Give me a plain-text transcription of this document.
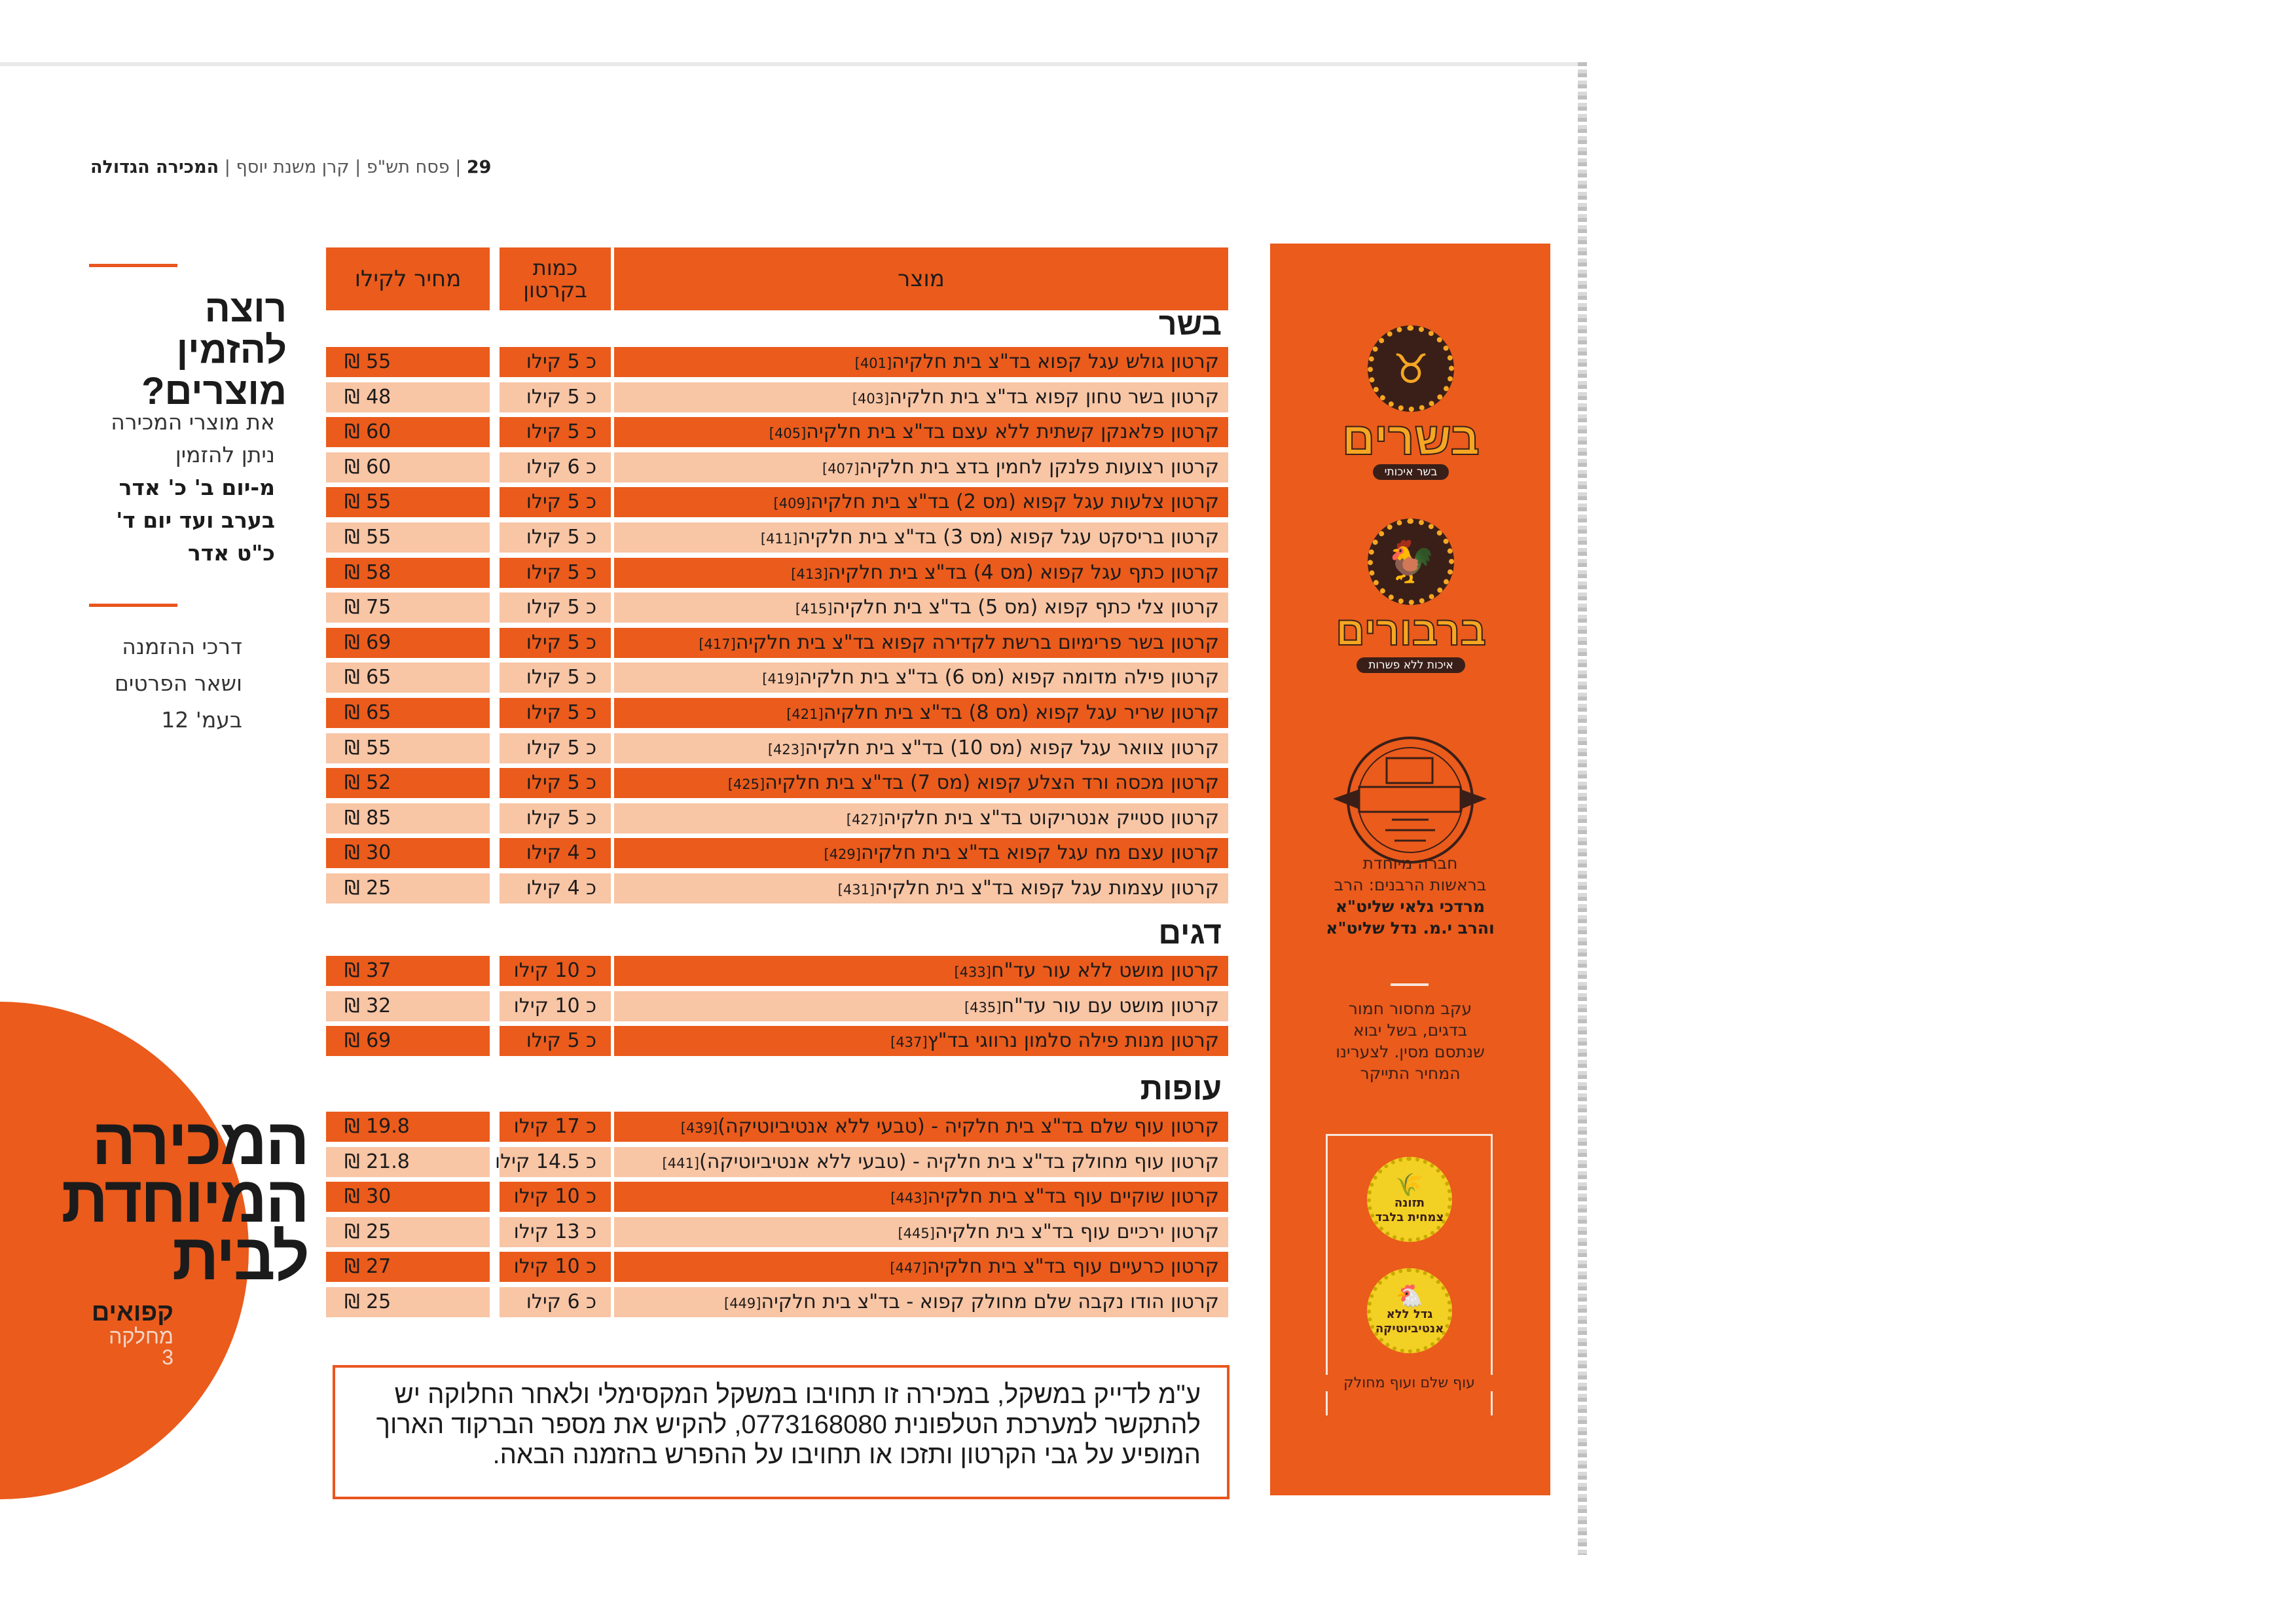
29 | פסח תש"פ | קרן משנת יוסף | המכירה הגדולה
רוצה
להזמין
מוצרים?
את מוצרי המכירה
ניתן להזמין
מ-יום ב' כ' אדר
בערב ועד יום ד'
כ"ט אדר
דרכי ההזמנה
ושאר הפרטים
בעמ' 12
המכירה
המיוחדת
לבית
קפואים
מחלקה
3
מחיר לקילו	כמות בקרטון	מוצר
בשר
55 ₪	כ 5 קילו	קרטון גולש עגל קפוא בד"צ בית חלקיה[401]
48 ₪	כ 5 קילו	קרטון בשר טחון קפוא בד"צ בית חלקיה[403]
60 ₪	כ 5 קילו	קרטון פלאנקן קשתית ללא עצם בד"צ בית חלקיה[405]
60 ₪	כ 6 קילו	קרטון רצועות פלנקן לחמין בדצ בית חלקיה[407]
55 ₪	כ 5 קילו	קרטון צלעות עגל קפוא (מס 2) בד"צ בית חלקיה[409]
55 ₪	כ 5 קילו	קרטון בריסקט עגל קפוא (מס 3) בד"צ בית חלקיה[411]
58 ₪	כ 5 קילו	קרטון כתף עגל קפוא (מס 4) בד"צ בית חלקיה[413]
75 ₪	כ 5 קילו	קרטון צלי כתף קפוא (מס 5) בד"צ בית חלקיה[415]
69 ₪	כ 5 קילו	קרטון בשר פרימיום ברשת לקדירה קפוא בד"צ בית חלקיה[417]
65 ₪	כ 5 קילו	קרטון פילה מדומה קפוא (מס 6) בד"צ בית חלקיה[419]
65 ₪	כ 5 קילו	קרטון שריר עגל קפוא (מס 8) בד"צ בית חלקיה[421]
55 ₪	כ 5 קילו	קרטון צוואר עגל קפוא (מס 10) בד"צ בית חלקיה[423]
52 ₪	כ 5 קילו	קרטון מכסה ורד הצלע קפוא (מס 7) בד"צ בית חלקיה[425]
85 ₪	כ 5 קילו	קרטון סטייק אנטריקוט בד"צ בית חלקיה[427]
30 ₪	כ 4 קילו	קרטון עצם מח עגל קפוא בד"צ בית חלקיה[429]
25 ₪	כ 4 קילו	קרטון עצמות עגל קפוא בד"צ בית חלקיה[431]
דגים
37 ₪	כ 10 קילו	קרטון מושט ללא עור עד"ח[433]
32 ₪	כ 10 קילו	קרטון מושט עם עור עד"ח[435]
69 ₪	כ 5 קילו	קרטון מנות פילה סלמון נרווגי בד"ץ[437]
עופות
19.8 ₪	כ 17 קילו	קרטון עוף שלם בד"צ בית חלקיה - (טבעי ללא אנטיביוטיקה)[439]
21.8 ₪	כ 14.5 קילו	קרטון עוף מחולק בד"צ בית חלקיה - (טבעי ללא אנטיביוטיקה)[441]
30 ₪	כ 10 קילו	קרטון שוקיים עוף בד"צ בית חלקיה[443]
25 ₪	כ 13 קילו	קרטון ירכיים עוף בד"צ בית חלקיה[445]
27 ₪	כ 10 קילו	קרטון כרעיים עוף בד"צ בית חלקיה[447]
25 ₪	כ 6 קילו	קרטון הודו נקבה שלם מחולק קפוא - בד"צ בית חלקיה[449]
ע"מ לדייק במשקל, במכירה זו תחויבו במשקל המקסימלי ולאחר החלוקה יש להתקשר למערכת הטלפונית 0773168080, להקיש את מספר הברקוד הארוך המופיע על גבי הקרטון ותזכו או תחויבו על ההפרש בהזמנה הבאה.
♉
בשרים
בשר איכותי
🐓
ברבורים
איכות ללא פשרות
חברה מיוחדת
בראשות הרבנים: הרב
מרדכי גלאי שליט"א
והרב י.מ. נדל שליט"א
עקב מחסור חמור
בדגים, בשל יבוא
שנתסם מסין. לצערינו
המחיר התייקר
🌾
תזונה
צמחית בלבד
🐔
גדל ללא
אנטיביוטיקה
עוף שלם ועוף מחולק
